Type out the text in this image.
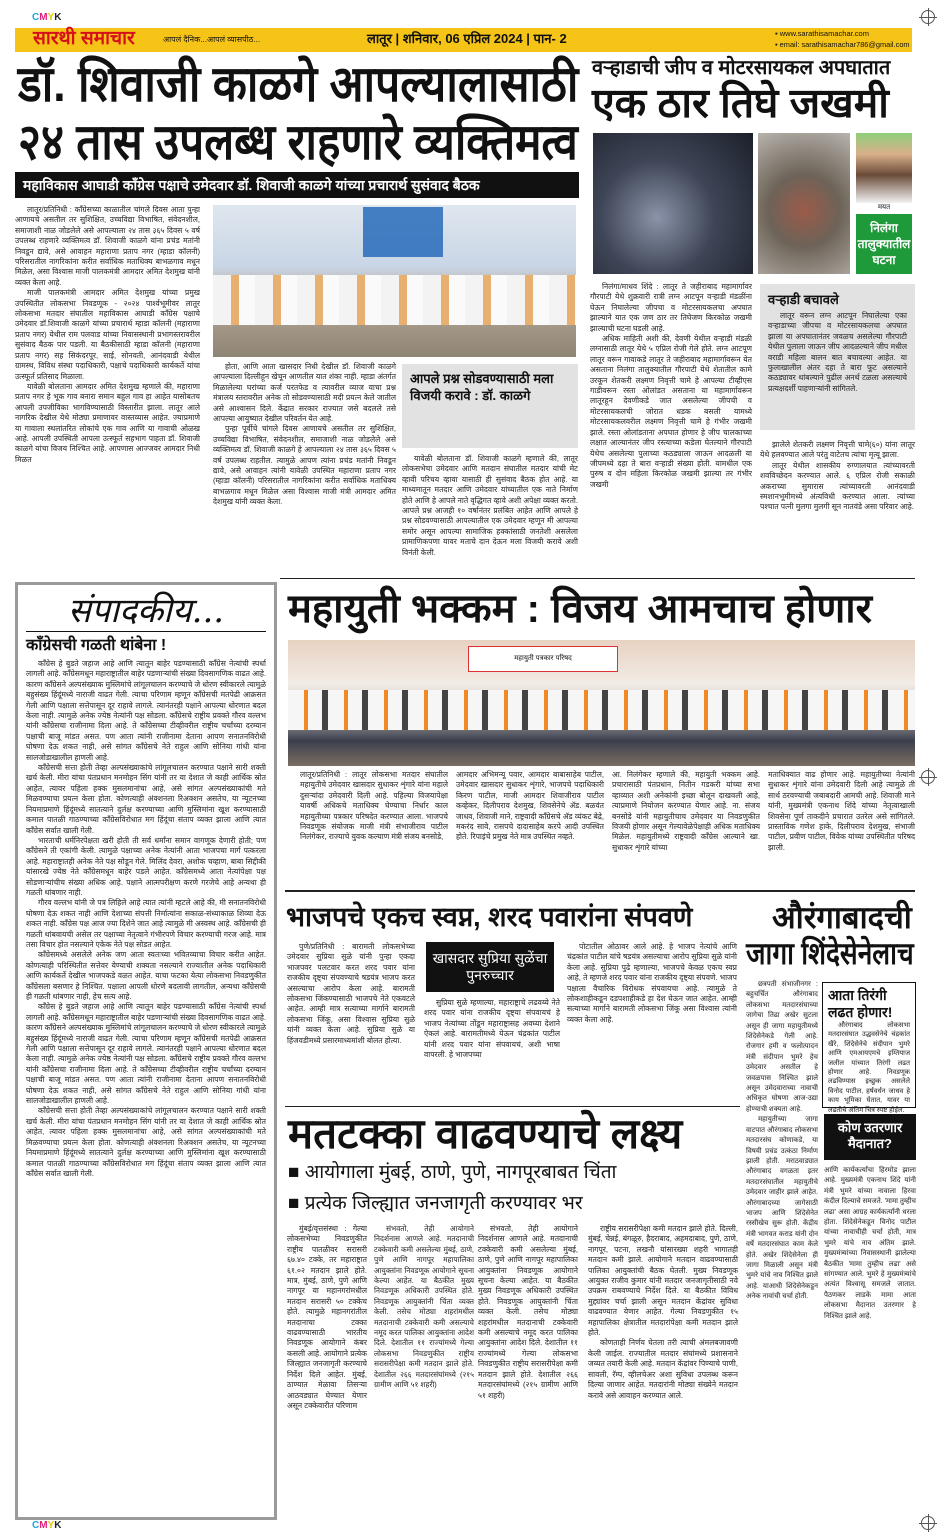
CMYK
CMYK
सारथी समाचार	आपलं दैनिक...आपलं व्यासपीठ...	लातूर | शनिवार, 06 एप्रिल 2024 | पान- 2	▪ www.sarathisamachar.com
▪ email: sarathisamachar786@gmail.com
डॉ. शिवाजी काळगे आपल्यालासाठी
२४ तास उपलब्ध राहणारे व्यक्तिमत्व
महाविकास आघाडी काँग्रेस पक्षाचे उमेदवार डॉ. शिवाजी काळगे यांच्या प्रचारार्थ सुसंवाद बैठक

लातूर/प्रतिनिधी : काँग्रेसच्या काळातील चांगले दिवस आता पुन्हा आणायचे असतील तर सुशिक्षित, उच्चविद्या विभाषित, संवेदनशील, समाजाशी नाळ जोडलेले असे आपल्याला २४ तास ३६५ दिवस ५ वर्ष उपलब्ध राहणारे व्यक्तिमत्व डॉ. शिवाजी काळगे यांना प्रचंड मतांनी निवडून द्यावे, असे आवाहन महाराणा प्रताप नगर (म्हाडा कॉलनी) परिसरातील नागरिकांना करीत सर्वाधिक मताधिक्य बाभळगाव मधून मिळेल, असा विश्वास माजी पालकमंत्री आमदार अमित देशमुख यांनी व्यक्त केला आहे.

माजी पालकमंत्री आमदार अमित देशमुख यांच्या प्रमुख उपस्थितीत लोकसभा निवडणूक - २०२४ पार्श्वभूमीवर लातूर लोकसभा मतदार संघातील महाविकास आघाडी काँग्रेस पक्षाचे उमेदवार डॉ.शिवाजी काळगे यांच्या प्रचारार्थ म्हाडा कॉलनी (महाराणा प्रताप नगर) येथील राम पलवाड यांच्या निवासस्थानी प्रभागस्तरावरील सुसंवाद बैठक पार पडली. या बैठकीसाठी म्हाडा कॉलनी (महाराणा प्रताप नगर) सह सिकंदरपूर, साई, सोनवती, आनंदवाडी येथील ग्रामस्थ, विविध संस्था पदाधिकारी, पक्षाचे पदाधिकारी कार्यकर्ते यांचा उत्स्फूर्त प्रतिसाद मिळाला.

यावेळी बोलताना आमदार अमित देशमुख म्हणाले की, महाराणा प्रताप नगर हे भूक गाव बनारा समान बहुल गाव हा आहेत यासोबतच आपली उपजीविका भागविण्यासाठी विस्तारीत झाला. लातूर आले नागरिक देखील येथे मोठ्या प्रमाणावर वास्तव्यास आहेत. ज्याप्रमाणे या गावाला स्थलांतरित लोकांचे एक गाव आणि या गावाची ओळख आहे. आपली उपस्थिती आपला उत्स्फूर्त सहभाग पाहता डॉ. शिवाजी काळगे यांचा विजय निश्चित आहे. आपणास आज्जवर आमदार निधी मिळत

होता, आणि आता खासदार निधी देखील डॉ. शिवाजी काळगे आपल्याला दिल्लीहून खेचून आणतील यात शंका नाही. म्हाडा अंतर्गत मिळालेल्या घरांच्या कर्ज परतफेड व त्यावरील व्याज याचा प्रश्न मंत्रालय स्तरावरील अनेक तो सोडवण्यासाठी मदी प्रयत्न केले जातील असे आश्वासन दिले. केंद्रात सरकार राज्यात जसे बदलले तसे आपल्या आयुष्यात देखील परिवर्तन येत आहे.

पुन्हा पूर्वीचे चांगले दिवस आणायचे असतील तर सुशिक्षित, उच्चविद्या विभाषित, संवेदनशील, समाजाशी नाळ जोडलेले असे व्यक्तिमत्व डॉ. शिवाजी काळगे हे आपल्याला २४ तास ३६५ दिवस ५ वर्ष उपलब्ध राहतील. त्यामुळे आपण त्यांना प्रचंड मतांनी निवडून द्यावे, असे आवाहन त्यांनी यावेळी उपस्थित महाराणा प्रताप नगर (म्हाडा कॉलनी) परिसरातील नागरिकांना करीत सर्वाधिक मताधिक्य बाभळगाव मधून मिळेल असा विश्वास माजी मंत्री आमदार अमित देशमुख यांनी व्यक्त केला.

आपले प्रश्न सोडवण्यासाठी मला विजयी करावे : डॉ. काळगे

यावेळी बोलताना डॉ. शिवाजी काळगे म्हणाले की, लातूर लोकसभेचा उमेदवार आणि मतदान संघातील मतदार यांची मेट व्हावी परिचय व्हावा यासाठी ही सुसंवाद बैठक होत आहे. या माध्यमातून मतदार आणि उमेदवार यांच्यातील एक नाते निर्माण होते आणि हे आपले नाते वृद्धिगत व्हावे अशी अपेक्षा व्यक्त करतो. आपले प्रश्न आजही १० वर्षानंतर प्रलंबित आहेत आणि आपले हे प्रश्न सोडवण्यासाठी आपल्यातील एक उमेदवार म्हणून मी आपल्या समोर असून आपल्या सामाजिक हक्कांसाठी जनतेशी असलेला प्रामाणिकपणा यावर मताचे दान देऊन मला विजयी करावे अशी विनंती केली.

वऱ्हाडाची जीप व मोटरसायकल अपघातात
एक ठार तिघे जखमी
मयत
निलंगा तालुक्यातील घटना

निलंगा/माधव शिंदे : लातूर ते जहीराबाद महामार्गावर गौरपाटी येथे शुक्रवारी रात्री लग्न आटपून वऱ्हाडी मंडळींना घेऊन निघालेल्या जीपचा व मोटरसायकलचा अपघात झाल्याने यात एक जण ठार तर तिघेजण किरकोळ जखमी झाल्याची घटना घडली आहे.

अधिक माहिती अशी की, देवणी येथील वऱ्हाडी मंडळी लग्नासाठी लातूर येथे ५ एप्रिल रोजी गेले होते. लग्न आटपूण लातूर वरून गावाकडे लातूर ते जहीराबाद महामार्गावरून येत असताना निलंगा तालुक्यातील गौरपाटी येथे शेतातील कामे उरकून शेतकरी लक्ष्मण निवृत्ती चामे हे आपल्या टीव्हीएस गाडीवरून रस्ता ओलांडत असताना या महामार्गावरून लातूरहून देवणीकडे जात असलेल्या जीपची व मोटरसायकलची जोरात धडक बसली यामध्ये मोटरसायकलवरील लक्ष्मण निवृत्ती चामे हे गंभीर जखमी झाले. रस्ता ओलांडताना अपघात होणार हे जीप चालकाच्या लक्षात आल्यानंतर जीप रस्त्याच्या कडेला घेतल्याने गौरपाटी येथेच असलेल्या पुलाच्या कठड्याला जाऊन आदळली या जीपमध्ये दहा ते बारा वऱ्हाडी संख्या होती. यामधील एक पुरुष व दोन महिला किरकोळ जखमी झाल्या तर गंभीर जखमी

वऱ्हाडी बचावले
लातूर वरून लग्न आटपून निघालेल्या एका वऱ्हाडाच्या जीपचा व मोटरसायकलचा अपघात झाला या अपघातानंतर जवळच असलेल्या गौरपाटी येथील पुलाला जाऊन जीप आदळल्याने जीप मधील वराडी महिला बालन बात बचावल्या आहेत. या फुलाखालील अंतर दहा ते बारा फूट असल्याने कठड्यावर थांबल्याने पुढील अनर्थ टळला असल्याचे प्रत्यक्षदर्शी पाहणाऱ्यांनी सांगितले.

झालेले शेतकरी लक्ष्मण निवृत्ती चामे(६०) यांना लातूर येथे हलवण्यात आले परंतु वाटेतच त्यांचा मृत्यू झाला.

लातूर येथील शासकीय रुग्णालयात त्यांच्यावरती शवविच्छेदन करण्यात आले. ६ एप्रिल रोजी सकाळी अकराच्या सुमारास त्यांच्यावरती आनंदवाडी स्मशानभूमीमध्ये अंत्यविधी करण्यात आला. त्यांच्या पश्चात पत्नी मुलगा मुलगी सून नातवंडे असा परिवार आहे.

संपादकीय...
काँग्रेसची गळती थांबेना !

काँग्रेस हे बुडते जहाज आहे आणि त्यातून बाहेर पडण्यासाठी काँग्रेस नेत्यांची स्पर्धा लागली आहे. काँग्रेसमधून महाराष्ट्रातील बाहेर पडणाऱ्यांची संख्या दिवसागणिक वाढत आहे. कारण काँग्रेसने अल्पसंख्याक मुस्लिमांचे लांगूलचालन करण्याचे जे धोरण स्वीकारले त्यामुळे बहुसंख्य हिंदूंमध्ये नाराजी वाढत गेली. त्याचा परिणाम म्हणून काँग्रेसची मतपेढी आक्रसत गेली आणि पक्षाला सत्तेपासून दूर राहावे लागले. त्यानंतरही पक्षाने आपल्या धोरणात बदल केला नाही. त्यामुळे अनेक ज्येष्ठ नेत्यांनी पक्ष सोडला. काँग्रेसचे राष्ट्रीय प्रवक्ते गौरव वल्लभ यांनी काँग्रेसचा राजीनामा दिला आहे. ते काँग्रेसच्या टीव्हीवरील राष्ट्रीय चर्चांच्या दरम्यान पक्षाची बाजू मांडत असत. पण आता त्यांनी राजीनामा देताना आपण सनातनविरोधी घोषणा देऊ शकत नाही, असे सांगत काँग्रेसचे नेते राहुल आणि सोनिया गांधी यांना सालजोडाखालील हाणली आहे.

काँग्रेसची सत्ता होती तेव्हा अल्पसंख्याकांचे लांगूलचालन करण्यात पक्षाने सारी शक्ती खर्च केली. मीरा यांचा पंतप्रधान मनमोहन सिंग यांनी तर या देशात जे काही आर्थिक स्रोत आहेत, त्यावर पहिला हक्क मुसलमानांचा आहे, असे सांगत अल्पसंख्याकांची मते मिळवण्याचा प्रयत्न केला होता. कोणत्याही अंक्शनला रिअक्शन असतेच, या न्यूटनच्या नियमाप्रमाणे हिंदूंमध्ये सातत्याने दुर्लक्ष करण्याच्या आणि मुस्लिमांना खूश करण्यासाठी कमाल पातळी गाठण्याच्या काँग्रेसविरोधात मग हिंदूंचा संताप व्यक्त झाला आणि त्यात काँग्रेस सर्वात खाली गेली.

भारताची धर्मनिरपेक्षता खरी होती ती सर्व धर्मांना समान वागणूक देणारी होती; पण काँग्रेसने ती एकांगी केली. त्यामुळे पक्षाच्या अनेक नेत्यांनी आता भाजपचा मार्ग पत्करला आहे. महाराष्ट्रातही अनेक नेते पक्ष सोडून गेले. मिलिंद देवरा, अशोक चव्हाण, बाबा सिद्दीकी यांसारखे ज्येष्ठ नेते काँग्रेसमधून बाहेर पडले आहेत. काँग्रेसमध्ये आता नेत्यांपेक्षा पक्ष सोडणाऱ्यांचीच संख्या अधिक आहे. पक्षाने आत्मपरीक्षण करणे गरजेचे आहे अन्यथा ही गळती थांबणार नाही.

गौरव वल्लभ यांनी जे पत्र लिहिले आहे त्यात त्यांनी म्हटले आहे की, मी सनातनविरोधी घोषणा देऊ शकत नाही आणि देशाच्या संपत्ती निर्मात्यांना सकाळ-संध्याकाळ शिव्या देऊ शकत नाही. काँग्रेस पक्ष आज ज्या दिशेने जात आहे त्यामुळे मी अस्वस्थ आहे. काँग्रेसची ही गळती थांबवायची असेल तर पक्षाच्या नेतृत्वाने गंभीरपणे विचार करण्याची गरज आहे. मात्र तसा विचार होत नसल्याने एकेक नेते पक्ष सोडत आहेत.

काँग्रेसमध्ये असलेले अनेक जण आता स्वतःच्या भवितव्याचा विचार करीत आहेत. कोणत्याही परिस्थितीत सत्तेवर येण्याची शक्यता नसल्याने राज्यातील अनेक पदाधिकारी आणि कार्यकर्ते देखील भाजपकडे वळत आहेत. याचा फटका येत्या लोकसभा निवडणुकीत काँग्रेसला बसणार हे निश्चित. पक्षाला आपली धोरणे बदलावी लागतील, अन्यथा काँग्रेसची ही गळती थांबणार नाही, हेच सत्य आहे.

काँग्रेस हे बुडते जहाज आहे आणि त्यातून बाहेर पडण्यासाठी काँग्रेस नेत्यांची स्पर्धा लागली आहे. काँग्रेसमधून महाराष्ट्रातील बाहेर पडणाऱ्यांची संख्या दिवसागणिक वाढत आहे. कारण काँग्रेसने अल्पसंख्याक मुस्लिमांचे लांगूलचालन करण्याचे जे धोरण स्वीकारले त्यामुळे बहुसंख्य हिंदूंमध्ये नाराजी वाढत गेली. त्याचा परिणाम म्हणून काँग्रेसची मतपेढी आक्रसत गेली आणि पक्षाला सत्तेपासून दूर राहावे लागले. त्यानंतरही पक्षाने आपल्या धोरणात बदल केला नाही. त्यामुळे अनेक ज्येष्ठ नेत्यांनी पक्ष सोडला. काँग्रेसचे राष्ट्रीय प्रवक्ते गौरव वल्लभ यांनी काँग्रेसचा राजीनामा दिला आहे. ते काँग्रेसच्या टीव्हीवरील राष्ट्रीय चर्चांच्या दरम्यान पक्षाची बाजू मांडत असत. पण आता त्यांनी राजीनामा देताना आपण सनातनविरोधी घोषणा देऊ शकत नाही, असे सांगत काँग्रेसचे नेते राहुल आणि सोनिया गांधी यांना सालजोडाखालील हाणली आहे.

काँग्रेसची सत्ता होती तेव्हा अल्पसंख्याकांचे लांगूलचालन करण्यात पक्षाने सारी शक्ती खर्च केली. मीरा यांचा पंतप्रधान मनमोहन सिंग यांनी तर या देशात जे काही आर्थिक स्रोत आहेत, त्यावर पहिला हक्क मुसलमानांचा आहे, असे सांगत अल्पसंख्याकांची मते मिळवण्याचा प्रयत्न केला होता. कोणत्याही अंक्शनला रिअक्शन असतेच, या न्यूटनच्या नियमाप्रमाणे हिंदूंमध्ये सातत्याने दुर्लक्ष करण्याच्या आणि मुस्लिमांना खूश करण्यासाठी कमाल पातळी गाठण्याच्या काँग्रेसविरोधात मग हिंदूंचा संताप व्यक्त झाला आणि त्यात काँग्रेस सर्वात खाली गेली.

महायुती भक्कम : विजय आमचाच होणार
महायुती पत्रकार परिषद
लातूर/प्रतिनिधी : लातूर लोकसभा मतदार संघातील महायुतीचे उमेदवार खासदार सुधाकर शृंगारे यांना महाले दुसऱ्यांदा उमेदवारी दिली आहे. पहिल्या विजयापेक्षा यावर्षी अधिकचे मताधिक्य घेण्याचा निर्धार काल महायुतीच्या पत्रकार परिषदेत करण्यात आला. भाजपचे निवडणूक संयोजक माजी मंत्री संभाजीराव पाटील निलंगेकर, राज्याचे युवक कल्याण मंत्री संजय बनसोडे,
आमदार अभिमन्यू पवार, आमदार बाबासाहेब पाटील, उमेदवार खासदार सुधाकर शृंगारे, भाजपचे पदाधिकारी किरण पाटील, माजी आमदार शिवाजीराव पाटील कव्हेकर, दिलीपराव देशमुख, शिवसेनेचे ॲड. बळवंत जाधव, शिवाजी माने, राष्ट्रवादी काँग्रेसचे ॲड व्यंकट बेद्रे, मकरंद सावे, रासपचे दादासाहेब करपे आदी उपस्थित होते. रिपाइंचे प्रमुख नेते मात्र उपस्थित नव्हते.
आ. निलंगेकर म्हणाले की, महायुती भक्कम आहे. प्रचारासाठी पंतप्रधान, नितीन गडकरी यांच्या सभा व्हाव्यात अशी अनेकांनी इच्छा बोलून दाखवली आहे, त्याप्रमाणे नियोजन करण्यात येणार आहे. ना. संजय बनसोडे यांनी महायुतीचाच उमेदवार या निवडणुकीत विजयी होणार असून गेल्यावेळेपेक्षाही अधिक मताधिक्य मिळेल. महायुतीमध्ये राष्ट्रवादी काँग्रेस आल्याने खा. सुधाकर शृंगारे यांच्या
मताधिक्यात वाढ होणार आहे. महायुतीच्या नेत्यांनी सुधाकर शृंगारे यांना उमेदवारी दिली आहे त्यामुळे ती सार्थ ठरवण्याची जबाबदारी आमची आहे. शिवाजी माने यांनी, मुख्यमंत्री एकनाथ शिंदे यांच्या नेतृत्वाखाली शिवसेना पूर्ण ताकदीने प्रचारात उतरेल असे सांगितले. प्रास्ताविक गणेश हाके, दिलीपराव देशमुख, संभाजी पाटील, प्रवीण पाटील, विवेक यांच्या उपस्थितीत परिषद झाली.
भाजपचे एकच स्वप्न, शरद पवारांना संपवणे

पुणे/प्रतिनिधी : बारामती लोकसभेच्या उमेदवार सुप्रिया सुळे यांनी पुन्हा एकदा भाजपवर पलटवार करत शरद पवार यांना राजकीय दृष्ट्या संपवण्याचे षडयंत्र भाजप करत असल्याचा आरोप केला आहे. बारामती लोकसभा जिंकण्यासाठी भाजपचे नेते एकवटले आहेत. आम्ही मात्र सत्याच्या मार्गाने बारामती लोकसभा जिंकू, असा विश्वास सुप्रिया सुळे यांनी व्यक्त केला आहे. सुप्रिया सुळे या हिंजवडीमध्ये प्रसारमाध्यमांशी बोलत होत्या.

खासदार सुप्रिया सुळेंचा पुनरुच्चार

सुप्रिया सुळे म्हणाल्या, महाराष्ट्राचे लढवय्ये नेते शरद पवार यांना राजकीय दृष्ट्या संपवायचं हे भाजप नेत्यांच्या तोंडून महाराष्ट्रासह अवघ्या देशाने ऐकलं आहे. बारामतीमध्ये येऊन चंद्रकांत पाटील यांनी शरद पवार यांना संपवायचं, अशी भाषा वापरली. हे भाजपच्या

पोटातील ओठावर आले आहे. हे भाजप नेत्यांचे आणि चंद्रकांत पाटील यांचे षडयंत्र असल्याचा आरोप सुप्रिया सुळे यांनी केला आहे. सुप्रिया पुढे म्हणाल्या, भाजपचे केवळ एकच स्वप्न आहे, ते म्हणजे शरद पवार यांना राजकीय दृष्ट्या संपवणे. भाजप पक्षाला वैचारिक विरोधक संपवायचा आहे. त्यामुळे ते लोकशाहीकडून दडपशाहीकडे हा देश घेऊन जात आहेत. आम्ही सत्याच्या मार्गाने बारामती लोकसभा जिंकू असा विश्वास त्यांनी व्यक्त केला आहे.

औरंगाबादची
जागा शिंदेसेनेलाच

छत्रपती संभाजीनगर : बहुचर्चित औरंगाबाद लोकसभा मतदारसंघाच्या जागेचा तिढा अखेर सुटला असून ही जागा महायुतीमध्ये शिंदेसेनेकडे गेली आहे. रोजगार हमी व फलोत्पादन मंत्री संदीपान भुमरे हेच उमेदवार असतील हे जवळपास निश्चित झाले असून उमेदवाराच्या नावाची अधिकृत घोषणा आज-उद्या होण्याची शक्यता आहे.

महायुतीच्या जागा वाटपात औरंगाबाद लोकसभा मतदारसंघ कोणाकडे, या विषयी प्रचंड उत्कंठा निर्माण झाली होती. मराठवाड्यात औरंगाबाद वगळता इतर मतदारसंघातील महायुतीचे उमेदवार जाहीर झाले आहेत. औरंगाबादच्या जागेसाठी भाजप आणि शिंदेसेनेत रस्सीखेच सुरू होती. केंद्रीय मंत्री भागवत कराड यांनी दोन वर्षे मतदारसंघात काम केले होते. अखेर शिंदेसेनेला ही जागा मिळाली असून मंत्री भुमरे यांचे नाव निश्चित झाले आहे. याआधी शिंदेसेनेकडून अनेक नावांची चर्चा होती.

आता तिरंगी लढत होणार!
औरंगाबाद लोकसभा मतदारसंघात उद्धवसेनेचे चंद्रकांत खैरे, शिंदेसेनेचे संदीपान भुमरे आणि एमआयएमचे इम्तियाज जलील यांच्यात तिरंगी लढत होणार आहे. निवडणूक लढविण्यास इच्छुक असलेले विनोद पाटील, हर्षवर्धन जाधव हे काय भूमिका घेतात, यावर या लढतीचे अंतिम चित्र स्पष्ट होईल.
कोण उतरणार मैदानात?
आणि कार्यकर्त्यांचा हिरमोड झाला आहे. मुख्यमंत्री एकनाथ शिंदे यांनी मंत्री भुमरे यांच्या नावाला हिरवा कंदील दिल्याचे समजते. 'मामा तुम्हीच लढा' असा आग्रह कार्यकर्त्यांनी धरला होता. शिंदेसेनेकडून विनोद पाटील यांच्या नावाचीही चर्चा होती, मात्र भुमरे यांचे नाव अंतिम झाले. मुख्यमंत्र्यांच्या निवासस्थानी झालेल्या बैठकीत 'मामा तुम्हीच लढा' असे सांगण्यात आले. भुमरे हे मुख्यमंत्र्यांचे अत्यंत विश्वासू समजले जातात. पैठणकर लाडके मामा आता लोकसभा मैदानात उतरणार हे निश्चित झाले आहे.
मतटक्का वाढवण्याचे लक्ष्य
■ आयोगाला मुंबई, ठाणे, पुणे, नागपूरबाबत चिंता
■ प्रत्येक जिल्ह्यात जनजागृती करण्यावर भर

मुंबई/वृत्तसंस्था : गेल्या लोकसभेच्या निवडणुकीत राष्ट्रीय पातळीवर सरासरी ६७.४० टक्के, तर महाराष्ट्रात ६१.०२ मतदान झाले होते. मात्र, मुंबई, ठाणे, पुणे आणि नागपूर या महानगरांमधील मतदान सरासरी ५० टक्केच होते. त्यामुळे महानगरांतील मतदानाचा टक्का वाढवण्यासाठी भारतीय निवडणूक आयोगाने कंबर कसली आहे. आयोगाने प्रत्येक जिल्ह्यात जनजागृती करण्याचे निर्देश दिले आहेत. मुंबई, ठाण्यात मेळावा तिसऱ्या आठवड्यात घेण्यात येणार असून टक्केवारीत परिणाम

संभवतो, तेही आयोगाने निदर्शनास आणले आहे. मतदानाची टक्केवारी कमी असलेल्या मुंबई, ठाणे, पुणे आणि नागपूर महापालिका आयुक्तांना निवडणूक आयोगाने सूचना केल्या आहेत. या बैठकीत मुख्य निवडणूक अधिकारी उपस्थित होते. निवडणूक आयुक्तांनी चिंता व्यक्त केली. तसेच मोठ्या शहरांमधील मतदानाची टक्केवारी कमी असल्याचे नमूद करत पालिका आयुक्तांना आदेश दिले. देशातील ११ राज्यांमध्ये गेल्या लोकसभा निवडणुकीत राष्ट्रीय सरासरीपेक्षा कमी मतदान झाले होते. देशातील २६६ मतदारसंघांमध्ये (२१५ ग्रामीण आणि ५१ शहरी)

संभवतो, तेही आयोगाने निदर्शनास आणले आहे. मतदानाची टक्केवारी कमी असलेल्या मुंबई, ठाणे, पुणे आणि नागपूर महापालिका आयुक्तांना निवडणूक आयोगाने सूचना केल्या आहेत. या बैठकीत मुख्य निवडणूक अधिकारी उपस्थित होते. निवडणूक आयुक्तांनी चिंता व्यक्त केली. तसेच मोठ्या शहरांमधील मतदानाची टक्केवारी कमी असल्याचे नमूद करत पालिका आयुक्तांना आदेश दिले. देशातील ११ राज्यांमध्ये गेल्या लोकसभा निवडणुकीत राष्ट्रीय सरासरीपेक्षा कमी मतदान झाले होते. देशातील २६६ मतदारसंघांमध्ये (२१५ ग्रामीण आणि ५१ शहरी)

राष्ट्रीय सरासरीपेक्षा कमी मतदान झाले होते. दिल्ली, मुंबई, चेन्नई, बंगळूरु, हैदराबाद, अहमदाबाद, पुणे, ठाणे, नागपूर, पटना, लखनौ यांसारख्या शहरी भागातही मतदान कमी झाले. आयोगाने मतदान वाढवण्यासाठी पालिका आयुक्तांची बैठक घेतली. मुख्य निवडणूक आयुक्त राजीव कुमार यांनी मतदार जनजागृतीसाठी नवे उपक्रम राबवण्याचे निर्देश दिले. या बैठकीत विविध मुद्द्यांवर चर्चा झाली असून मतदान केंद्रांवर सुविधा वाढवण्यात येणार आहेत. गेल्या निवडणुकीत १५ महापालिका क्षेत्रातील मतदारांपेक्षा कमी मतदान झाले होते.

कोणताही निर्णय घेतला तरी त्याची अंमलबजावणी केली जाईल. राज्यातील मतदार संघांमध्ये प्रशासनाने जय्यत तयारी केली आहे. मतदान केंद्रांवर पिण्याचे पाणी, सावली, रॅम्प, व्हीलचेअर अशा सुविधा उपलब्ध करून दिल्या जाणार आहेत. मतदारांनी मोठ्या संख्येने मतदान करावे असे आवाहन करण्यात आले.
